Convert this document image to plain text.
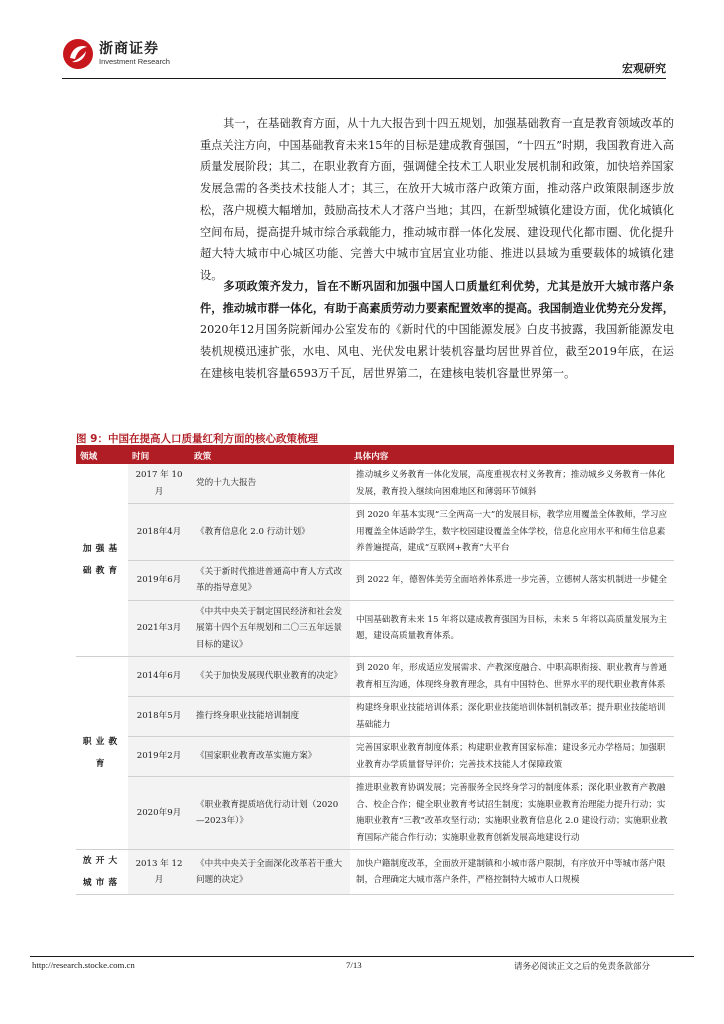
浙商证券
Investment Research
宏观研究
其一，在基础教育方面，从十九大报告到十四五规划，加强基础教育一直是教育领域改革的重点关注方向，中国基础教育未来15年的目标是建成教育强国，“十四五”时期，我国教育进入高质量发展阶段；其二，在职业教育方面，强调健全技术工人职业发展机制和政策，加快培养国家发展急需的各类技术技能人才；其三，在放开大城市落户政策方面，推动落户政策限制逐步放松，落户规模大幅增加，鼓励高技术人才落户当地；其四，在新型城镇化建设方面，优化城镇化空间布局，提高提升城市综合承载能力，推动城市群一体化发展、建设现代化都市圈、优化提升超大特大城市中心城区功能、完善大中城市宜居宜业功能、推进以县域为重要载体的城镇化建设。
多项政策齐发力，旨在不断巩固和加强中国人口质量红利优势，尤其是放开大城市落户条件，推动城市群一体化，有助于高素质劳动力要素配置效率的提高。我国制造业优势充分发挥，2020年12月国务院新闻办公室发布的《新时代的中国能源发展》白皮书披露，我国新能源发电装机规模迅速扩张，水电、风电、光伏发电累计装机容量均居世界首位，截至2019年底，在运在建核电装机容量6593万千瓦，居世界第二，在建核电装机容量世界第一。
图 9：中国在提高人口质量红利方面的核心政策梳理
领域	时间	政策	具体内容
加强基础教育	2017 年 10 月	党的十九大报告	推动城乡义务教育一体化发展，高度重视农村义务教育；推动城乡义务教育一体化发展，教育投入继续向困难地区和薄弱环节倾斜
	2018年4月	《教育信息化 2.0 行动计划》	到 2020 年基本实现“三全两高一大”的发展目标，教学应用覆盖全体教师，学习应用覆盖全体适龄学生，数字校园建设覆盖全体学校，信息化应用水平和师生信息素养普遍提高，建成“互联网+教育”大平台
	2019年6月	《关于新时代推进普通高中育人方式改革的指导意见》	到 2022 年，德智体美劳全面培养体系进一步完善，立德树人落实机制进一步健全
	2021年3月	《中共中央关于制定国民经济和社会发展第十四个五年规划和二〇三五年远景目标的建议》	中国基础教育未来 15 年将以建成教育强国为目标，未来 5 年将以高质量发展为主题，建设高质量教育体系。
职业教育	2014年6月	《关于加快发展现代职业教育的决定》	到 2020 年，形成适应发展需求、产教深度融合、中职高职衔接、职业教育与普通教育相互沟通，体现终身教育理念，具有中国特色、世界水平的现代职业教育体系
	2018年5月	推行终身职业技能培训制度	构建终身职业技能培训体系；深化职业技能培训体制机制改革；提升职业技能培训基础能力
	2019年2月	《国家职业教育改革实施方案》	完善国家职业教育制度体系；构建职业教育国家标准；建设多元办学格局；加强职业教育办学质量督导评价；完善技术技能人才保障政策
	2020年9月	《职业教育提质培优行动计划（2020—2023年）》	推进职业教育协调发展；完善服务全民终身学习的制度体系；深化职业教育产教融合、校企合作；健全职业教育考试招生制度；实施职业教育治理能力提升行动；实施职业教育“三教”改革攻坚行动；实施职业教育信息化 2.0 建设行动；实施职业教育国际产能合作行动；实施职业教育创新发展高地建设行动
放开大城市落	2013 年 12 月	《中共中央关于全面深化改革若干重大问题的决定》	加快户籍制度改革，全面放开建制镇和小城市落户限制，有序放开中等城市落户限制，合理确定大城市落户条件，严格控制特大城市人口规模
http://research.stocke.com.cn	7/13	请务必阅读正文之后的免责条款部分
